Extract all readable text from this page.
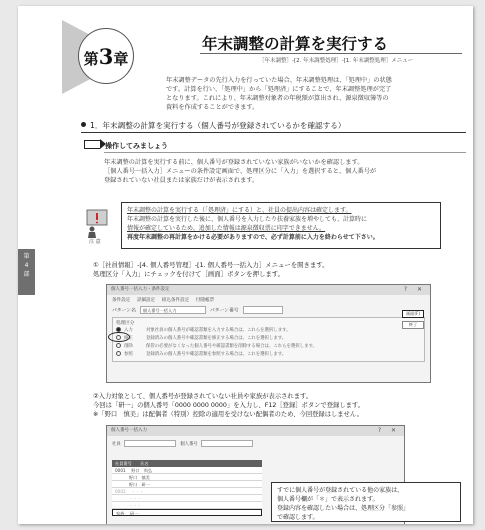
第
4
部
第3章
年末調整の計算を実行する
［年末調整］-[2. 年末調整処理］-[1. 年末調整処理］メニュー

年末調整データの先行入力を行っていた場合、年末調整処理は、「処理中」の状態

です。計算を行い、「処理中」から「処理済」にすることで、年末調整処理が完了

となります。これにより、年末調整対象者の年税額が算出され、源泉徴収簿等の

資料を作成することができます。

1．年末調整の計算を実行する（個人番号が登録されているかを確認する）
操作してみましょう

年末調整の計算を実行する前に、個人番号が登録されていない家族がいないかを確認します。

［個人番号一括入力］メニューの条件設定画面で、処理区分に「入力」を選択すると、個人番号が

登録されていない社員または家族だけが表示されます。

注 意

年末調整の計算を実行する（「処理済」にする）と、社員の提出内容は確定します。

年末調整の計算を実行した後に、個人番号を入力したり扶養家族を増やしても、計算時に

情報が確定しているため、追加した情報は源泉徴収票に印字できません。

再度年末調整の再計算をかける必要がありますので、必ず計算前に入力を終わらせて下さい。

①［社員情報］-[4. 個人番号管理］-[1. 個人番号一括入力］メニューを開きます。

処理区分「入力」にチェックを付けて［画面］ボタンを押します。

個人番号一括入力 - 条件設定	? ✕
条件設定 詳細設定 紐込条件設定 付随帳票
パターン名 個人番号一括入力	パターン番号
処理区分
入力	対象社員の個人番号が確認書類を入力する場合は、これらを選択します。
修正	登録済みの個人番号や確認書類を修正する場合は、これを選択します。
削除	保管の必要がなくなった個人番号や確認書類を削除する場合は、これらを選択します。
参照	登録済みの個人番号や確認書類を参照する場合は、これを選択します。
画面(F)
終了

②入力対象として、個人番号が登録されていない社員や家族が表示されます。

今回は「研一」の個人番号「0000 0000 0000」を入力し、F12［登録］ボタンで登録します。

※「野口　慎美」は配偶者（特別）控除の適用を受けない配偶者のため、今回登録はしません。

個人番号一括入力	? ✕
社員	個人番号
社員番号　　氏名
0001　 野口　尚弘
　　　 野口　慎美
　　　 野口　研一
0002　 ・・・
　　　 ・・・
　　　 ・・・
家族　 研一

すでに個人番号が登録されている他の家族は、

個人番号欄が「＊」で表示されます。

登録内容を確認したい場合は、処理区分「参照」

で確認します。
